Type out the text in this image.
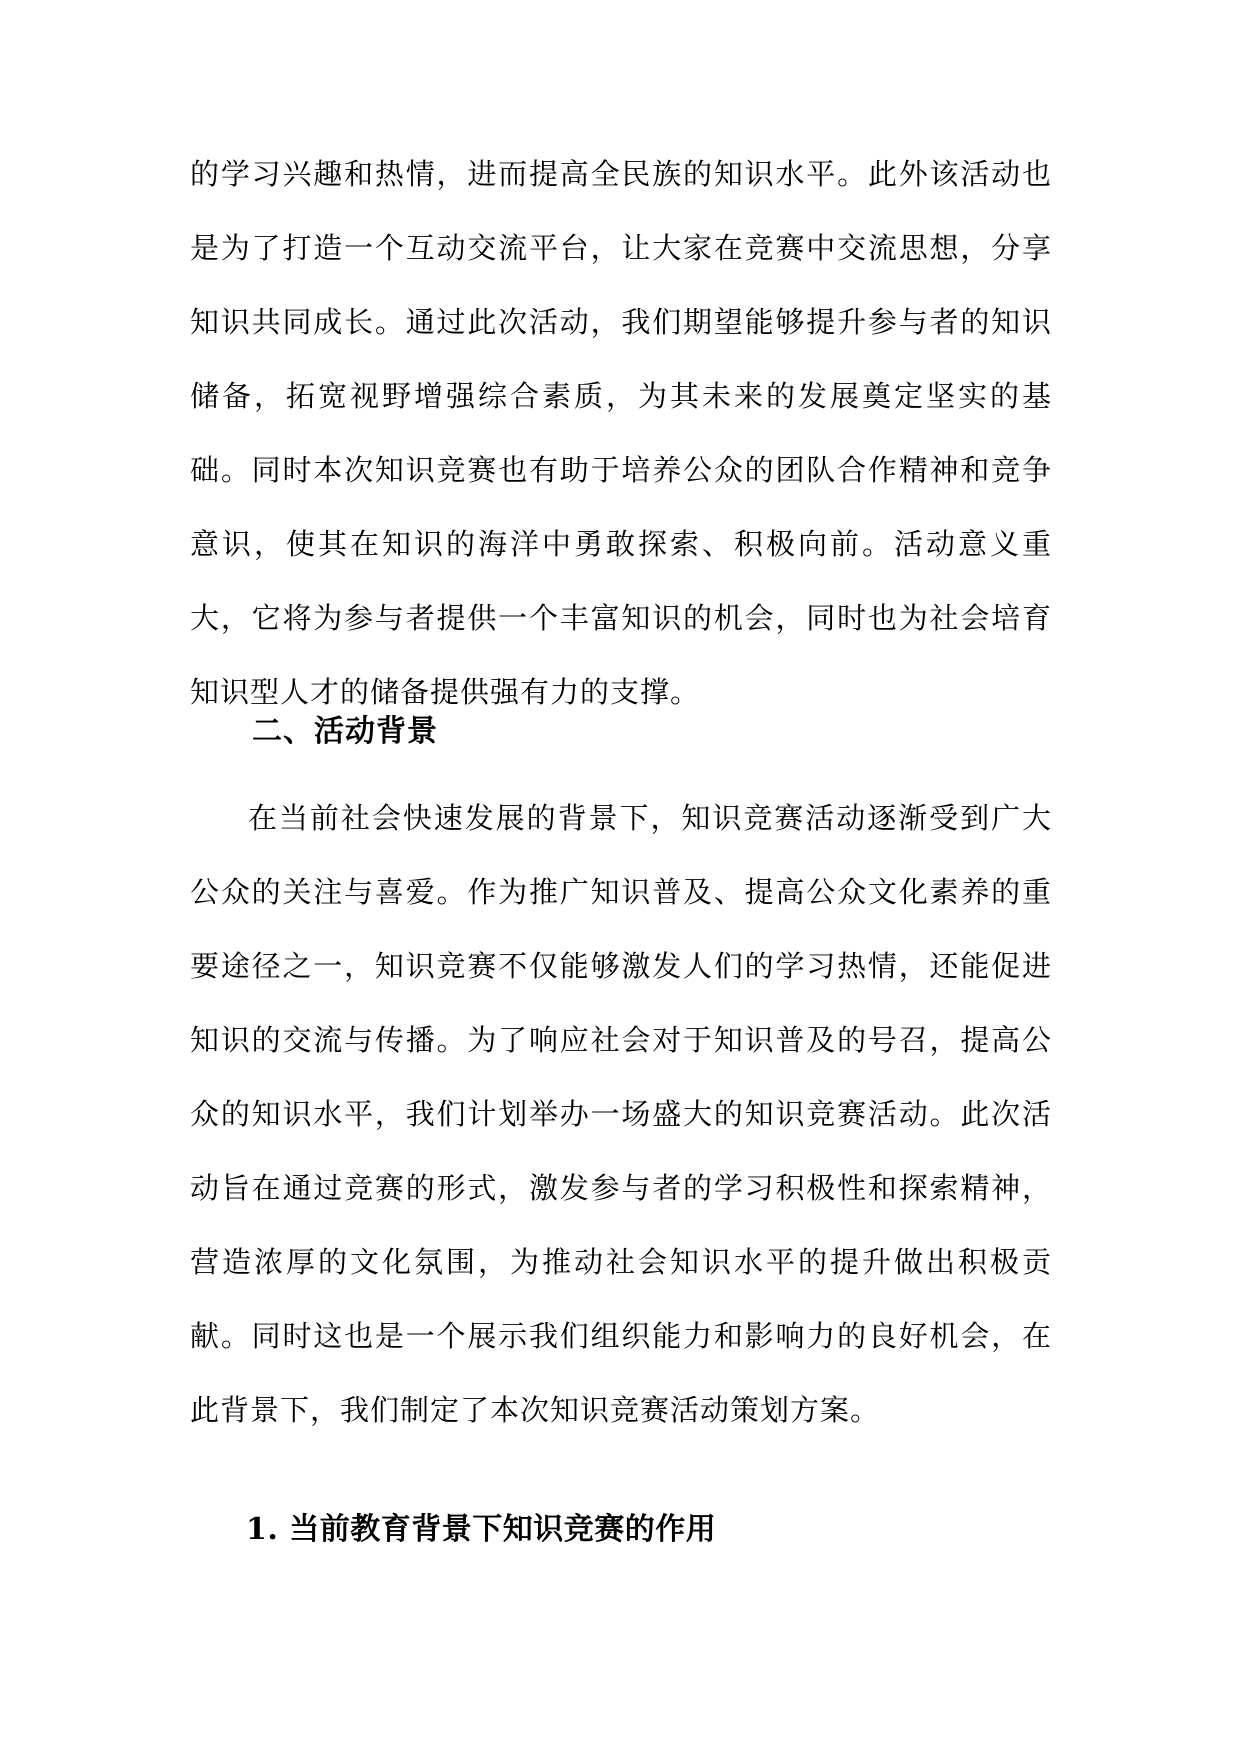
的学习兴趣和热情，进而提高全民族的知识水平。此外该活动也是为了打造一个互动交流平台，让大家在竞赛中交流思想，分享知识共同成长。通过此次活动，我们期望能够提升参与者的知识储备，拓宽视野增强综合素质，为其未来的发展奠定坚实的基础。同时本次知识竞赛也有助于培养公众的团队合作精神和竞争意识，使其在知识的海洋中勇敢探索、积极向前。活动意义重大，它将为参与者提供一个丰富知识的机会，同时也为社会培育知识型人才的储备提供强有力的支撑。

二、活动背景

在当前社会快速发展的背景下，知识竞赛活动逐渐受到广大公众的关注与喜爱。作为推广知识普及、提高公众文化素养的重要途径之一，知识竞赛不仅能够激发人们的学习热情，还能促进知识的交流与传播。为了响应社会对于知识普及的号召，提高公众的知识水平，我们计划举办一场盛大的知识竞赛活动。此次活动旨在通过竞赛的形式，激发参与者的学习积极性和探索精神，营造浓厚的文化氛围，为推动社会知识水平的提升做出积极贡献。同时这也是一个展示我们组织能力和影响力的良好机会，在此背景下，我们制定了本次知识竞赛活动策划方案。

1. 当前教育背景下知识竞赛的作用
